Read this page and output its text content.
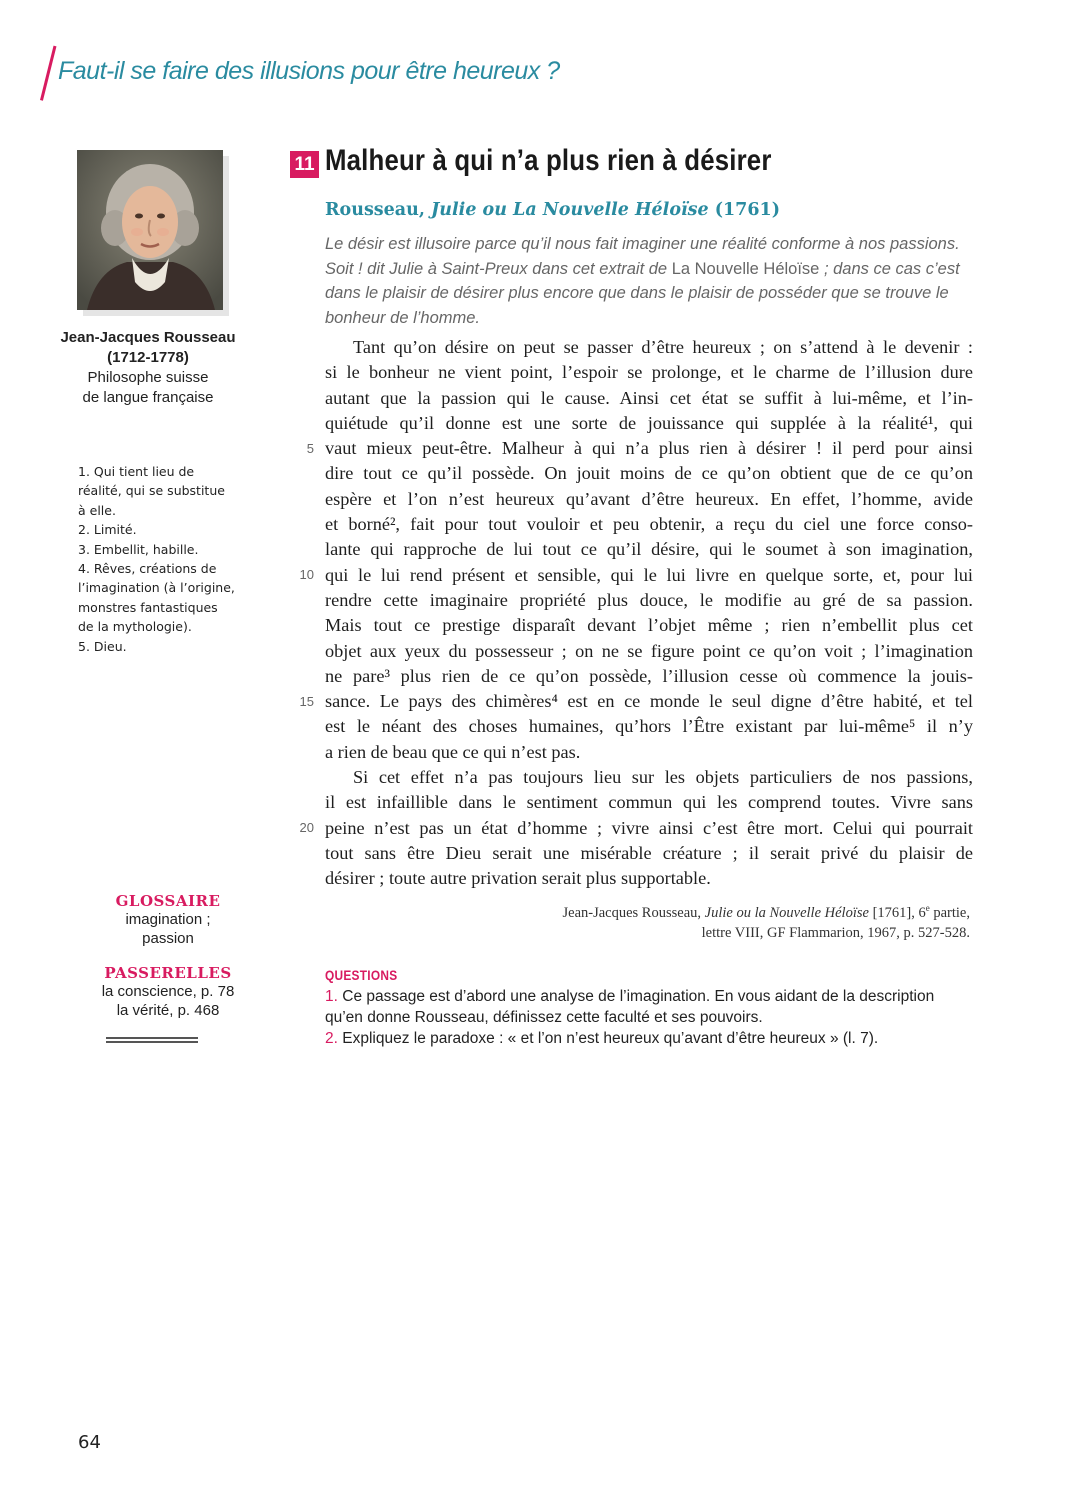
Faut-il se faire des illusions pour être heureux ?
Jean-Jacques Rousseau
(1712-1778)
Philosophe suisse
de langue française
1. Qui tient lieu de
réalité, qui se substitue
à elle.
2. Limité.
3. Embellit, habille.
4. Rêves, créations de
l’imagination (à l’origine,
monstres fantastiques
de la mythologie).
5. Dieu.
GLOSSAIRE
imagination ; passion
PASSERELLES
la conscience, p. 78
la vérité, p. 468
11 Malheur à qui n’a plus rien à désirer
Rousseau, Julie ou La Nouvelle Héloïse (1761)
Le désir est illusoire parce qu’il nous fait imaginer une réalité conforme à nos passions. Soit ! dit Julie à Saint-Preux dans cet extrait de La Nouvelle Héloïse ; dans ce cas c’est dans le plaisir de désirer plus encore que dans le plaisir de posséder que se trouve le bonheur de l’homme.
5
10
15
20
Tant qu’on désire on peut se passer d’être heureux ; on s’attend à le devenir :
si le bonheur ne vient point, l’espoir se prolonge, et le charme de l’illusion dure
autant que la passion qui le cause. Ainsi cet état se suffit à lui-même, et l’in-
quiétude qu’il donne est une sorte de jouissance qui supplée à la réalité¹, qui
vaut mieux peut-être. Malheur à qui n’a plus rien à désirer ! il perd pour ainsi
dire tout ce qu’il possède. On jouit moins de ce qu’on obtient que de ce qu’on
espère et l’on n’est heureux qu’avant d’être heureux. En effet, l’homme, avide
et borné², fait pour tout vouloir et peu obtenir, a reçu du ciel une force conso-
lante qui rapproche de lui tout ce qu’il désire, qui le soumet à son imagination,
qui le lui rend présent et sensible, qui le lui livre en quelque sorte, et, pour lui
rendre cette imaginaire propriété plus douce, le modifie au gré de sa passion.
Mais tout ce prestige disparaît devant l’objet même ; rien n’embellit plus cet
objet aux yeux du possesseur ; on ne se figure point ce qu’on voit ; l’imagination
ne pare³ plus rien de ce qu’on possède, l’illusion cesse où commence la jouis-
sance. Le pays des chimères⁴ est en ce monde le seul digne d’être habité, et tel
est le néant des choses humaines, qu’hors l’Être existant par lui-même⁵ il n’y
a rien de beau que ce qui n’est pas.
Si cet effet n’a pas toujours lieu sur les objets particuliers de nos passions,
il est infaillible dans le sentiment commun qui les comprend toutes. Vivre sans
peine n’est pas un état d’homme ; vivre ainsi c’est être mort. Celui qui pourrait
tout sans être Dieu serait une misérable créature ; il serait privé du plaisir de
désirer ; toute autre privation serait plus supportable.
Jean-Jacques Rousseau, Julie ou la Nouvelle Héloïse [1761], 6e partie,
lettre VIII, GF Flammarion, 1967, p. 527-528.
QUESTIONS
1. Ce passage est d’abord une analyse de l’imagination. En vous aidant de la description qu’en donne Rousseau, définissez cette faculté et ses pouvoirs.
2. Expliquez le paradoxe : « et l’on n’est heureux qu’avant d’être heureux » (l. 7).
64
